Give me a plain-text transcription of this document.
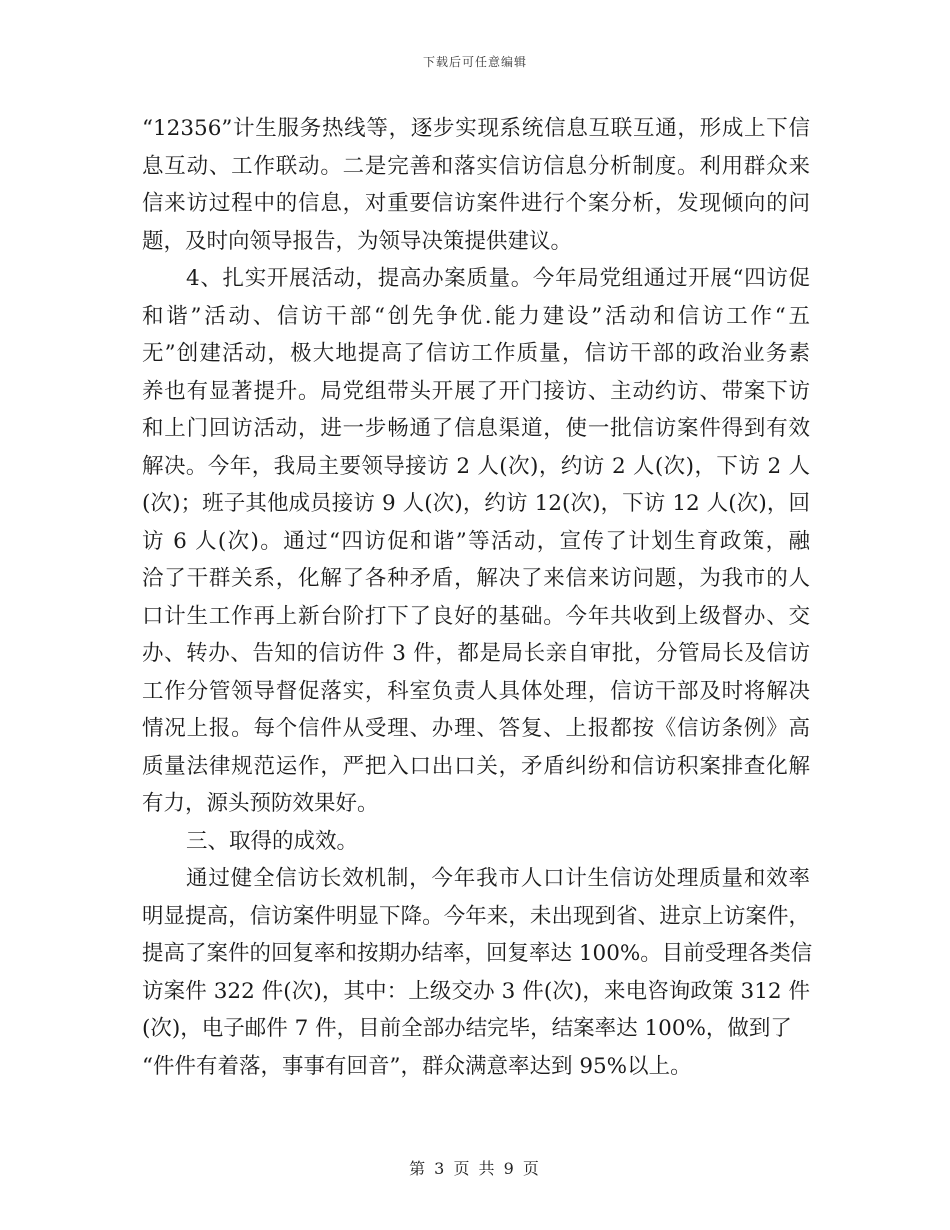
下载后可任意编辑
“12356”计生服务热线等，逐步实现系统信息互联互通，形成上下信
息互动、工作联动。二是完善和落实信访信息分析制度。利用群众来
信来访过程中的信息，对重要信访案件进行个案分析，发现倾向的问
题，及时向领导报告，为领导决策提供建议。
4、扎实开展活动，提高办案质量。今年局党组通过开展“四访促
和谐”活动、信访干部“创先争优.能力建设”活动和信访工作“五
无”创建活动，极大地提高了信访工作质量，信访干部的政治业务素
养也有显著提升。局党组带头开展了开门接访、主动约访、带案下访
和上门回访活动，进一步畅通了信息渠道，使一批信访案件得到有效
解决。今年，我局主要领导接访 2 人(次)，约访 2 人(次)，下访 2 人
(次)；班子其他成员接访 9 人(次)，约访 12(次)，下访 12 人(次)，回
访 6 人(次)。通过“四访促和谐”等活动，宣传了计划生育政策，融
洽了干群关系，化解了各种矛盾，解决了来信来访问题，为我市的人
口计生工作再上新台阶打下了良好的基础。今年共收到上级督办、交
办、转办、告知的信访件 3 件，都是局长亲自审批，分管局长及信访
工作分管领导督促落实，科室负责人具体处理，信访干部及时将解决
情况上报。每个信件从受理、办理、答复、上报都按《信访条例》高
质量法律规范运作，严把入口出口关，矛盾纠纷和信访积案排查化解
有力，源头预防效果好。
三、取得的成效。
通过健全信访长效机制，今年我市人口计生信访处理质量和效率
明显提高，信访案件明显下降。今年来，未出现到省、进京上访案件，
提高了案件的回复率和按期办结率，回复率达 100%。目前受理各类信
访案件 322 件(次)，其中：上级交办 3 件(次)，来电咨询政策 312 件
(次)，电子邮件 7 件，目前全部办结完毕，结案率达 100%，做到了
“件件有着落，事事有回音”，群众满意率达到 95%以上。
第 3 页 共 9 页
